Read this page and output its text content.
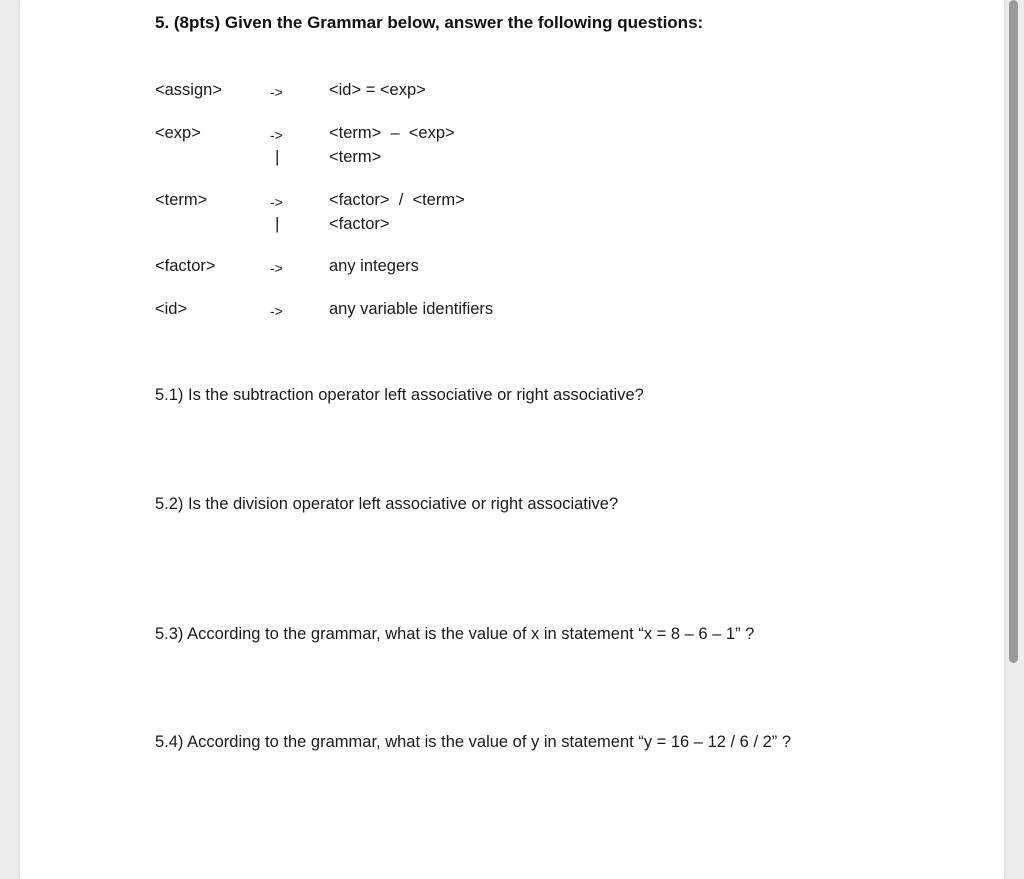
5. (8pts) Given the Grammar below, answer the following questions:
<assign>	->	<id> = <exp>
<exp>	->	<term>  –  <exp>
|	<term>
<term>	->	<factor>  /  <term>
|	<factor>
<factor>	->	any integers
<id>	->	any variable identifiers
5.1) Is the subtraction operator left associative or right associative?
5.2) Is the division operator left associative or right associative?
5.3) According to the grammar, what is the value of x in statement “x = 8 – 6 – 1” ?
5.4) According to the grammar, what is the value of y in statement “y = 16 – 12 / 6 / 2” ?
